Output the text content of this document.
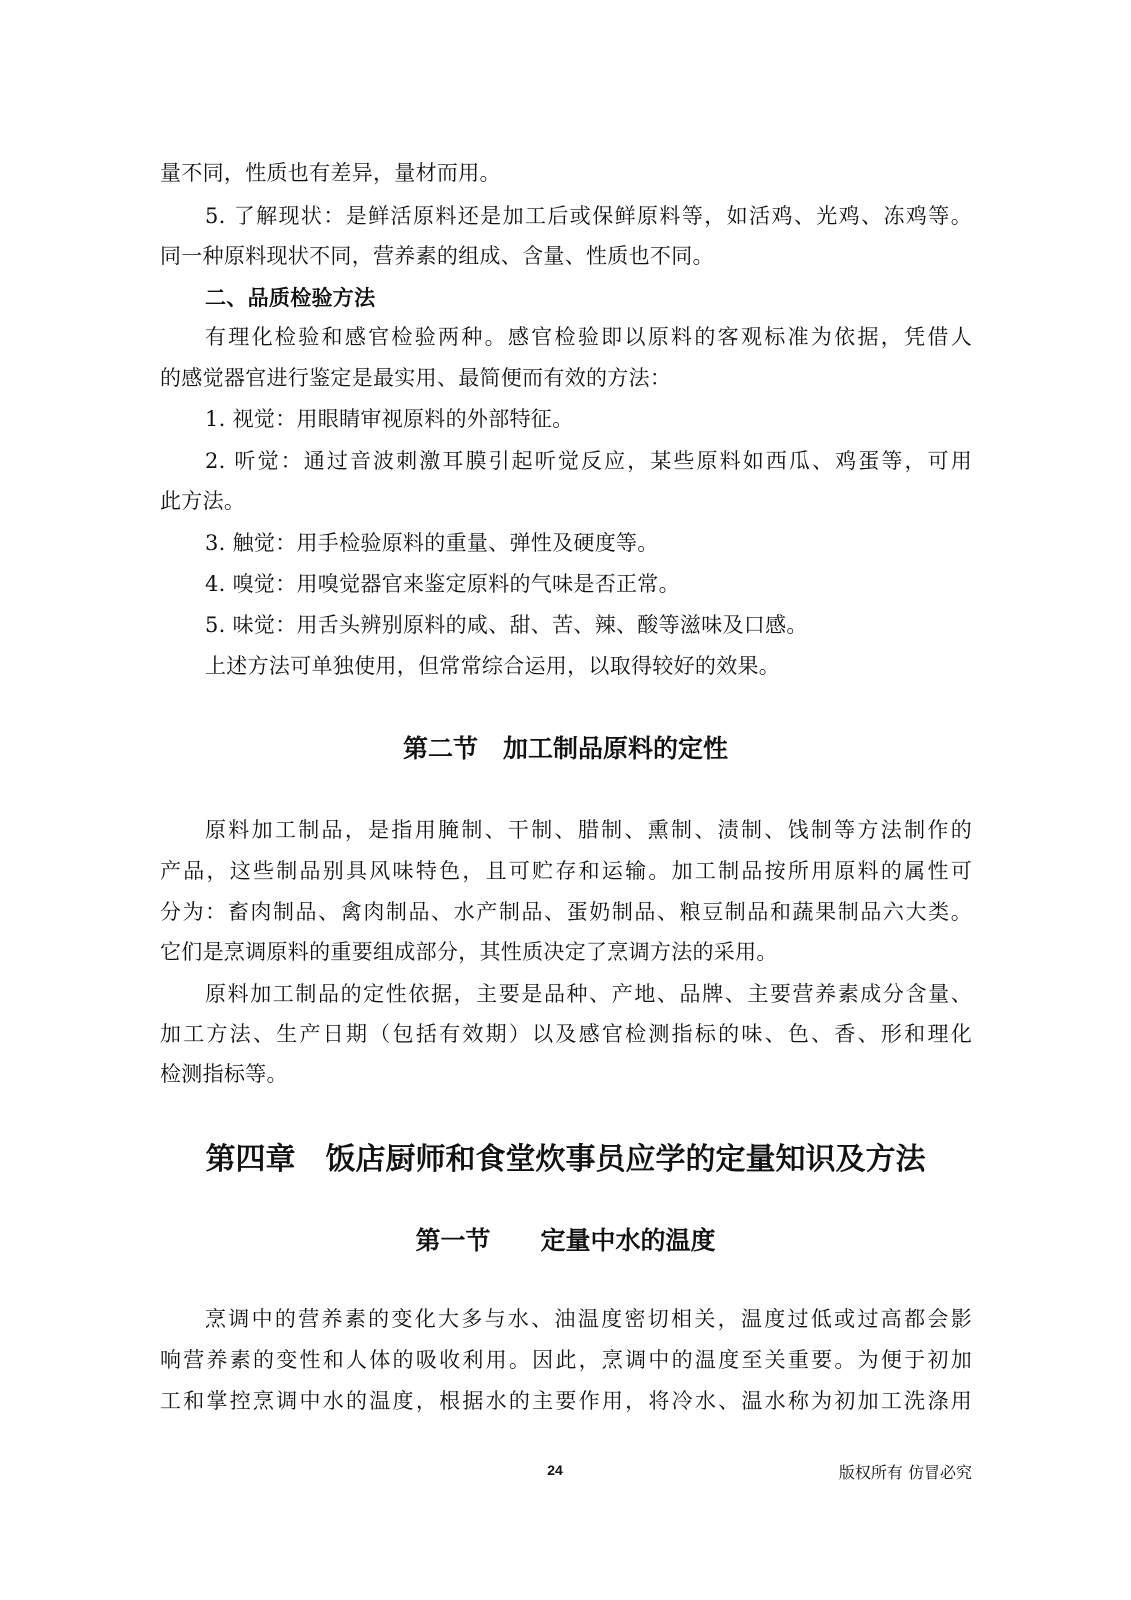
量不同，性质也有差异，量材而用。
5. 了解现状：是鲜活原料还是加工后或保鲜原料等，如活鸡、光鸡、冻鸡等。
同一种原料现状不同，营养素的组成、含量、性质也不同。
二、品质检验方法
有理化检验和感官检验两种。感官检验即以原料的客观标准为依据，凭借人
的感觉器官进行鉴定是最实用、最简便而有效的方法：
1. 视觉：用眼睛审视原料的外部特征。
2. 听觉：通过音波刺激耳膜引起听觉反应，某些原料如西瓜、鸡蛋等，可用
此方法。
3. 触觉：用手检验原料的重量、弹性及硬度等。
4. 嗅觉：用嗅觉器官来鉴定原料的气味是否正常。
5. 味觉：用舌头辨别原料的咸、甜、苦、辣、酸等滋味及口感。
上述方法可单独使用，但常常综合运用，以取得较好的效果。
第二节　加工制品原料的定性
原料加工制品，是指用腌制、干制、腊制、熏制、渍制、饯制等方法制作的
产品，这些制品别具风味特色，且可贮存和运输。加工制品按所用原料的属性可
分为：畜肉制品、禽肉制品、水产制品、蛋奶制品、粮豆制品和蔬果制品六大类。
它们是烹调原料的重要组成部分，其性质决定了烹调方法的采用。
原料加工制品的定性依据，主要是品种、产地、品牌、主要营养素成分含量、
加工方法、生产日期（包括有效期）以及感官检测指标的味、色、香、形和理化
检测指标等。
第四章　饭店厨师和食堂炊事员应学的定量知识及方法
第一节　　定量中水的温度
烹调中的营养素的变化大多与水、油温度密切相关，温度过低或过高都会影
响营养素的变性和人体的吸收利用。因此，烹调中的温度至关重要。为便于初加
工和掌控烹调中水的温度，根据水的主要作用，将冷水、温水称为初加工洗涤用
24	版权所有 仿冒必究
